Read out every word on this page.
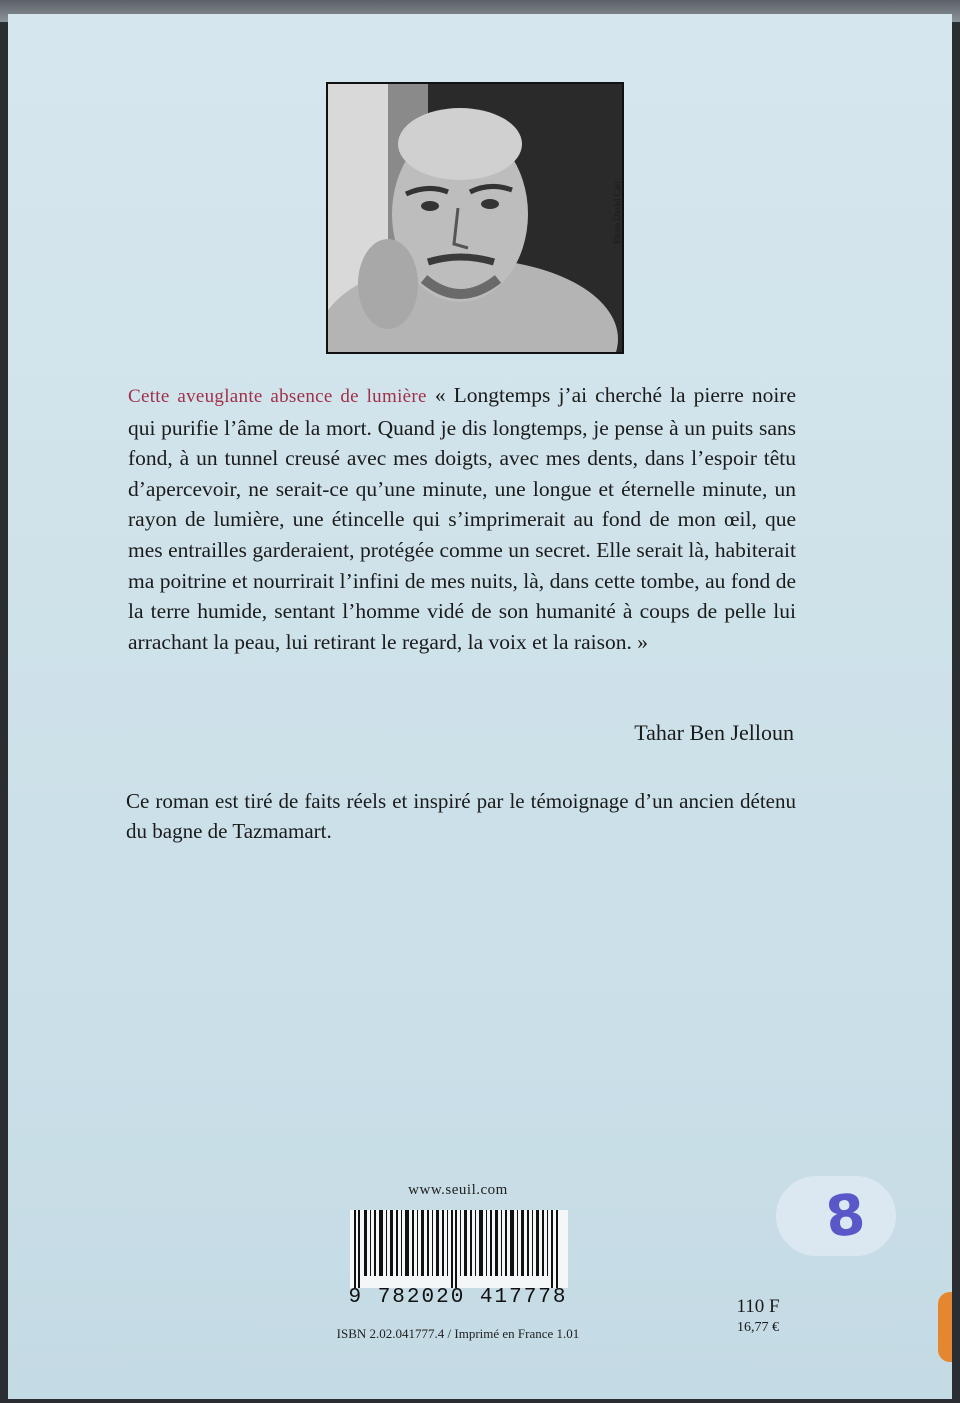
Photo David Carr
Cette aveuglante absence de lumière « Longtemps j’ai cherché la pierre noire qui purifie l’âme de la mort. Quand je dis longtemps, je pense à un puits sans fond, à un tunnel creusé avec mes doigts, avec mes dents, dans l’espoir têtu d’apercevoir, ne serait-ce qu’une minute, une longue et éternelle minute, un rayon de lumière, une étincelle qui s’imprimerait au fond de mon œil, que mes entrailles garderaient, protégée comme un secret. Elle serait là, habiterait ma poitrine et nourrirait l’infini de mes nuits, là, dans cette tombe, au fond de la terre humide, sentant l’homme vidé de son humanité à coups de pelle lui arrachant la peau, lui retirant le regard, la voix et la raison. »
Tahar Ben Jelloun
Ce roman est tiré de faits réels et inspiré par le témoignage d’un ancien détenu du bagne de Tazmamart.
www.seuil.com
9 782020 417778
ISBN 2.02.041777.4 / Imprimé en France 1.01
110 F
16,77 €
8
